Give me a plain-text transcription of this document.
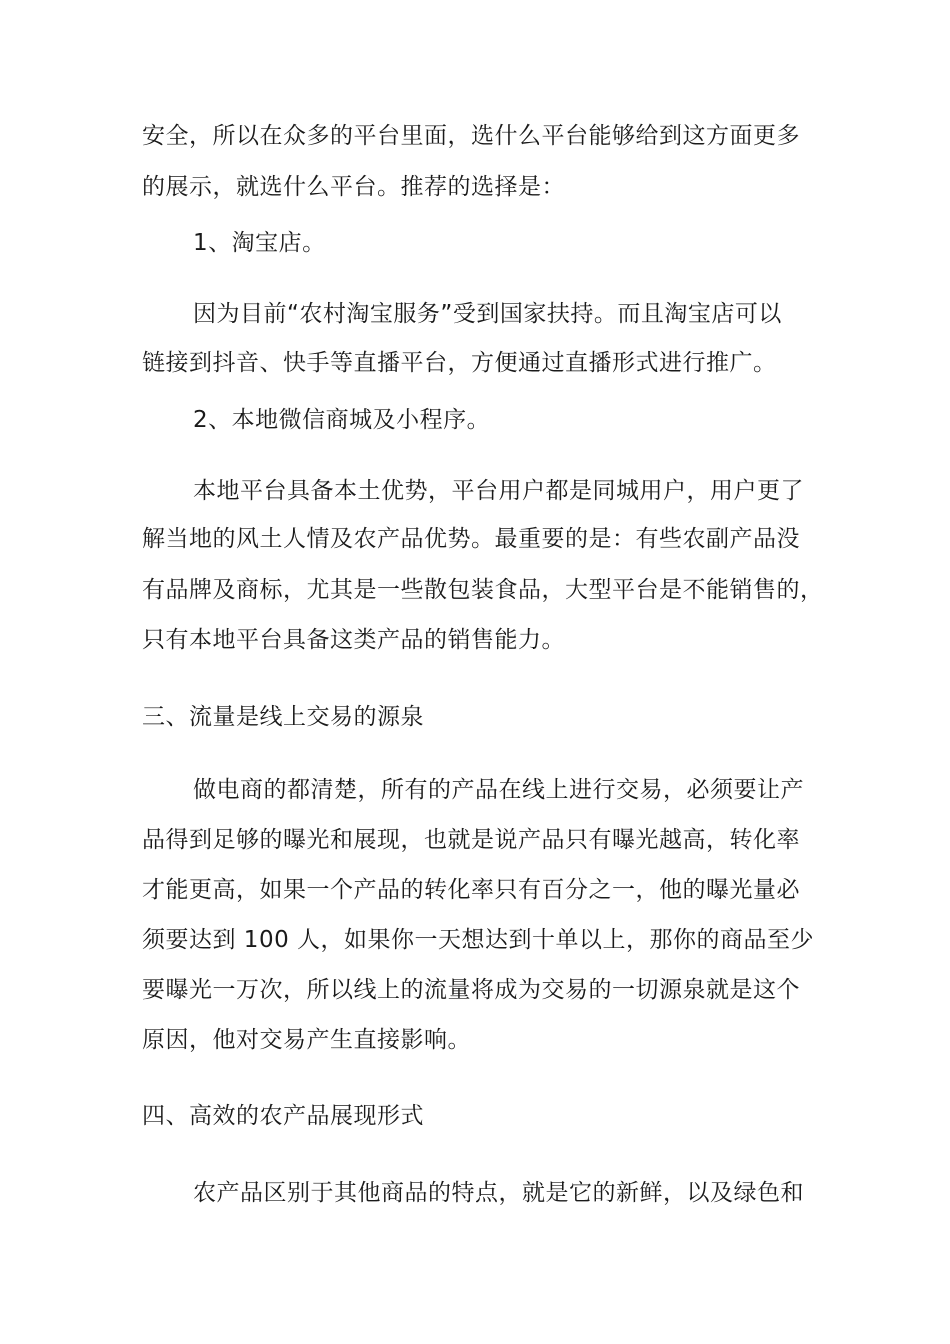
安全，所以在众多的平台里面，选什么平台能够给到这方面更多
的展示，就选什么平台。推荐的选择是：
1、淘宝店。
因为目前“农村淘宝服务”受到国家扶持。而且淘宝店可以
链接到抖音、快手等直播平台，方便通过直播形式进行推广。
2、本地微信商城及小程序。
本地平台具备本土优势，平台用户都是同城用户，用户更了
解当地的风土人情及农产品优势。最重要的是：有些农副产品没
有品牌及商标，尤其是一些散包装食品，大型平台是不能销售的，
只有本地平台具备这类产品的销售能力。
三、流量是线上交易的源泉
做电商的都清楚，所有的产品在线上进行交易，必须要让产
品得到足够的曝光和展现，也就是说产品只有曝光越高，转化率
才能更高，如果一个产品的转化率只有百分之一，他的曝光量必
须要达到 100 人，如果你一天想达到十单以上，那你的商品至少
要曝光一万次，所以线上的流量将成为交易的一切源泉就是这个
原因，他对交易产生直接影响。
四、高效的农产品展现形式
农产品区别于其他商品的特点，就是它的新鲜，以及绿色和
